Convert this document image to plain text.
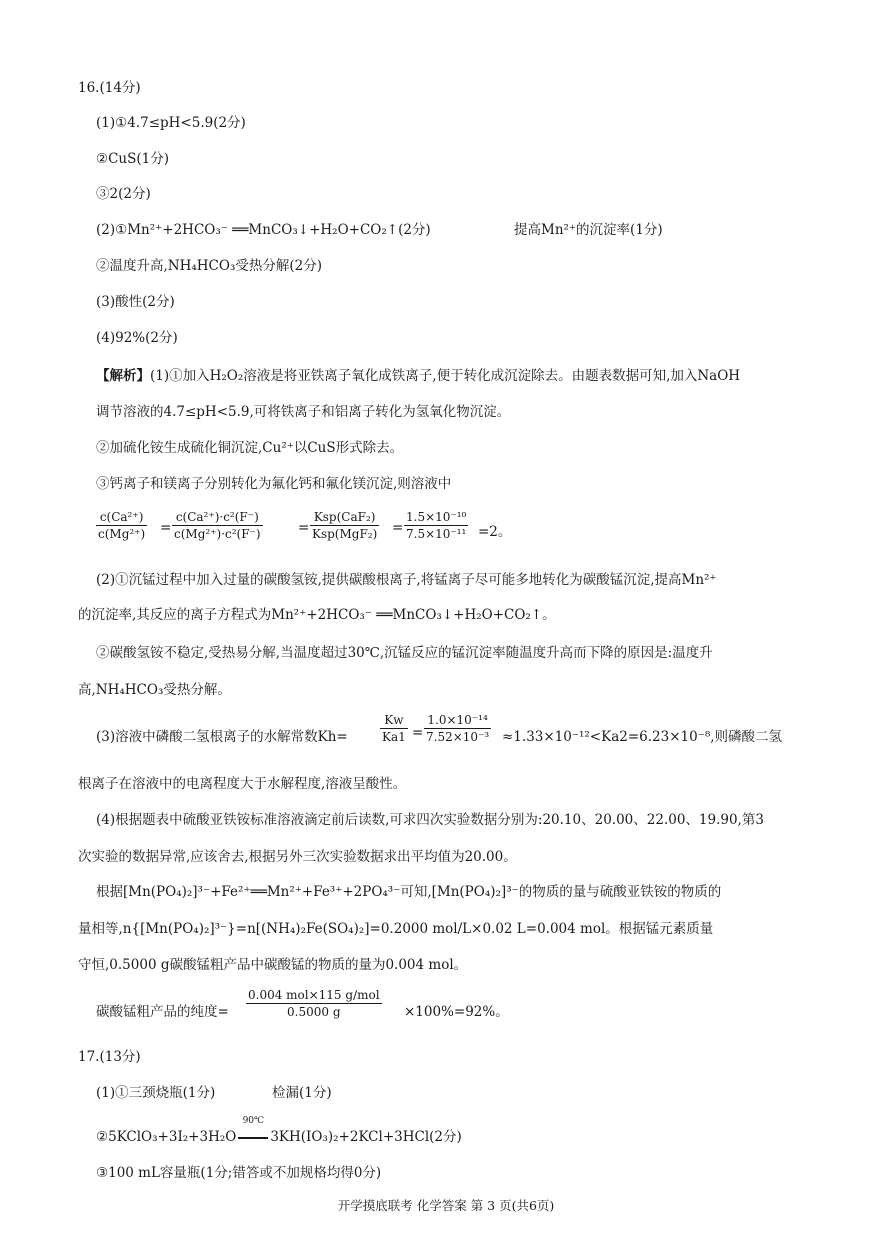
16.(14分)
(1)①4.7≤pH<5.9(2分)
②CuS(1分)
③2(2分)
(2)①Mn²⁺+2HCO₃⁻ ══MnCO₃↓+H₂O+CO₂↑(2分)	提高Mn²⁺的沉淀率(1分)
②温度升高,NH₄HCO₃受热分解(2分)
(3)酸性(2分)
(4)92%(2分)
【解析】(1)①加入H₂O₂溶液是将亚铁离子氧化成铁离子,便于转化成沉淀除去。由题表数据可知,加入NaOH
调节溶液的4.7≤pH<5.9,可将铁离子和铝离子转化为氢氧化物沉淀。
②加硫化铵生成硫化铜沉淀,Cu²⁺以CuS形式除去。
③钙离子和镁离子分别转化为氟化钙和氟化镁沉淀,则溶液中
c(Ca²⁺)
c(Mg²⁺) =
c(Ca²⁺)·c²(F⁻)
c(Mg²⁺)·c²(F⁻)	=
Ksp(CaF₂)
Ksp(MgF₂) =
1.5×10⁻¹⁰
7.5×10⁻¹¹ =2。
(2)①沉锰过程中加入过量的碳酸氢铵,提供碳酸根离子,将锰离子尽可能多地转化为碳酸锰沉淀,提高Mn²⁺
的沉淀率,其反应的离子方程式为Mn²⁺+2HCO₃⁻ ══MnCO₃↓+H₂O+CO₂↑。
②碳酸氢铵不稳定,受热易分解,当温度超过30℃,沉锰反应的锰沉淀率随温度升高而下降的原因是:温度升
高,NH₄HCO₃受热分解。
(3)溶液中磷酸二氢根离子的水解常数Kh=
Kw
Ka1 =
1.0×10⁻¹⁴
7.52×10⁻³ ≈1.33×10⁻¹²<Ka2=6.23×10⁻⁸,则磷酸二氢
根离子在溶液中的电离程度大于水解程度,溶液呈酸性。
(4)根据题表中硫酸亚铁铵标准溶液滴定前后读数,可求四次实验数据分别为:20.10、20.00、22.00、19.90,第3
次实验的数据异常,应该舍去,根据另外三次实验数据求出平均值为20.00。
根据[Mn(PO₄)₂]³⁻+Fe²⁺══Mn²⁺+Fe³⁺+2PO₄³⁻可知,[Mn(PO₄)₂]³⁻的物质的量与硫酸亚铁铵的物质的
量相等,n{[Mn(PO₄)₂]³⁻}=n[(NH₄)₂Fe(SO₄)₂]=0.2000 mol/L×0.02 L=0.004 mol。根据锰元素质量
守恒,0.5000 g碳酸锰粗产品中碳酸锰的物质的量为0.004 mol。
碳酸锰粗产品的纯度=
0.004 mol×115 g/mol
0.5000 g	×100%=92%。
17.(13分)
(1)①三颈烧瓶(1分)	检漏(1分)
②5KClO₃+3I₂+3H₂O
90℃
3KH(IO₃)₂+2KCl+3HCl(2分)
③100 mL容量瓶(1分;错答或不加规格均得0分)
开学摸底联考 化学答案 第 3 页(共6页)
